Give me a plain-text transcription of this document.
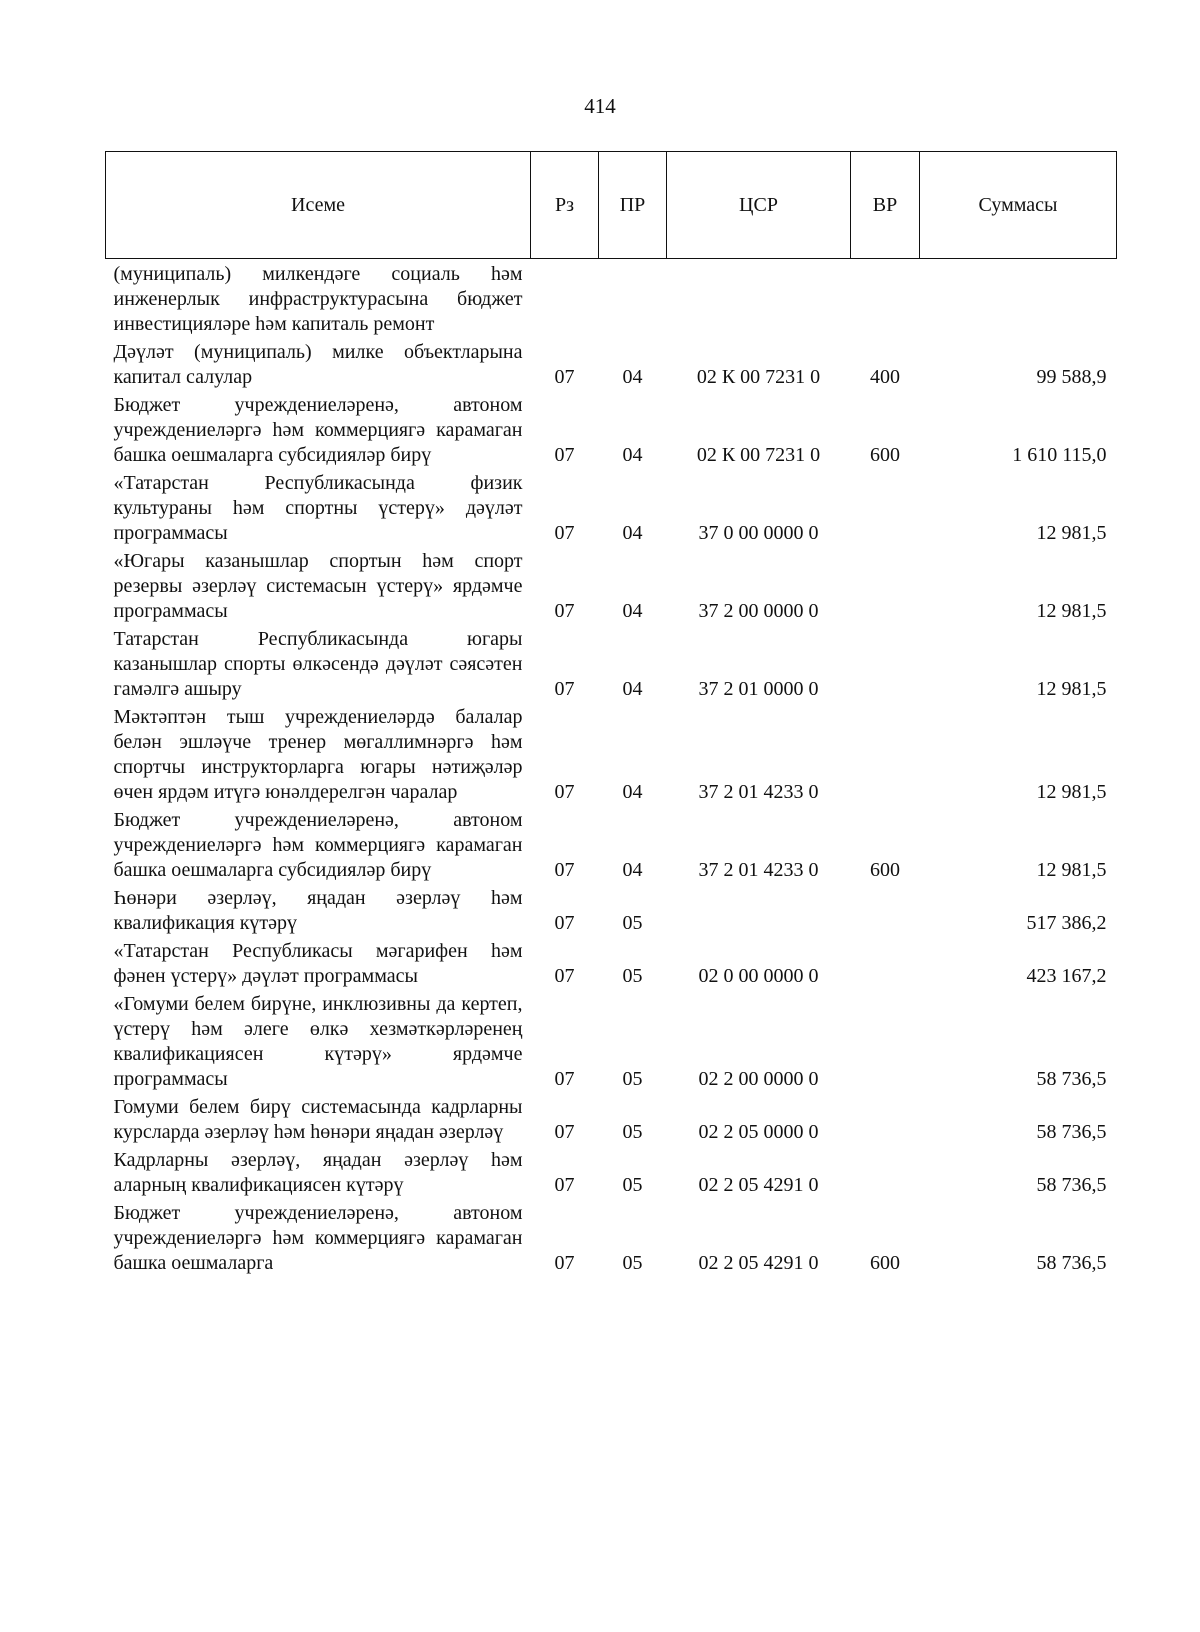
414
Исеме	Рз	ПР	ЦСР	ВР	Суммасы
(муниципаль) милкендәге социаль һәм инженерлык инфраструктурасына бюджет инвестицияләре һәм капиталь ремонт					
Дәүләт (муниципаль) милке объектларына капитал салулар	07	04	02 К 00 7231 0	400	99 588,9
Бюджет учреждениеләренә, автоном учреждениеләргә һәм коммерциягә карамаган башка оешмаларга субсидияләр бирү	07	04	02 К 00 7231 0	600	1 610 115,0
«Татарстан Республикасында физик культураны һәм спортны үстерү» дәүләт программасы	07	04	37 0 00 0000 0		12 981,5
«Югары казанышлар спортын һәм спорт резервы әзерләү системасын үстерү» ярдәмче программасы	07	04	37 2 00 0000 0		12 981,5
Татарстан Республикасында югары казанышлар спорты өлкәсендә дәүләт сәясәтен гамәлгә ашыру	07	04	37 2 01 0000 0		12 981,5
Мәктәптән тыш учреждениеләрдә балалар белән эшләүче тренер мөгаллимнәргә һәм спортчы инструкторларга югары нәтиҗәләр өчен ярдәм итүгә юнәлдерелгән чаралар	07	04	37 2 01 4233 0		12 981,5
Бюджет учреждениеләренә, автоном учреждениеләргә һәм коммерциягә карамаган башка оешмаларга субсидияләр бирү	07	04	37 2 01 4233 0	600	12 981,5
Һөнәри әзерләү, яңадан әзерләү һәм квалификация күтәрү	07	05			517 386,2
«Татарстан Республикасы мәгарифен һәм фәнен үстерү» дәүләт программасы	07	05	02 0 00 0000 0		423 167,2
«Гомуми белем бирүне, инклюзивны да кертеп, үстерү һәм әлеге өлкә хезмәткәрләренең квалификациясен күтәрү» ярдәмче программасы	07	05	02 2 00 0000 0		58 736,5
Гомуми белем бирү системасында кадрларны курсларда әзерләү һәм һөнәри яңадан әзерләү	07	05	02 2 05 0000 0		58 736,5
Кадрларны әзерләү, яңадан әзерләү һәм аларның квалификациясен күтәрү	07	05	02 2 05 4291 0		58 736,5
Бюджет учреждениеләренә, автоном учреждениеләргә һәм коммерциягә карамаган башка оешмаларга	07	05	02 2 05 4291 0	600	58 736,5
